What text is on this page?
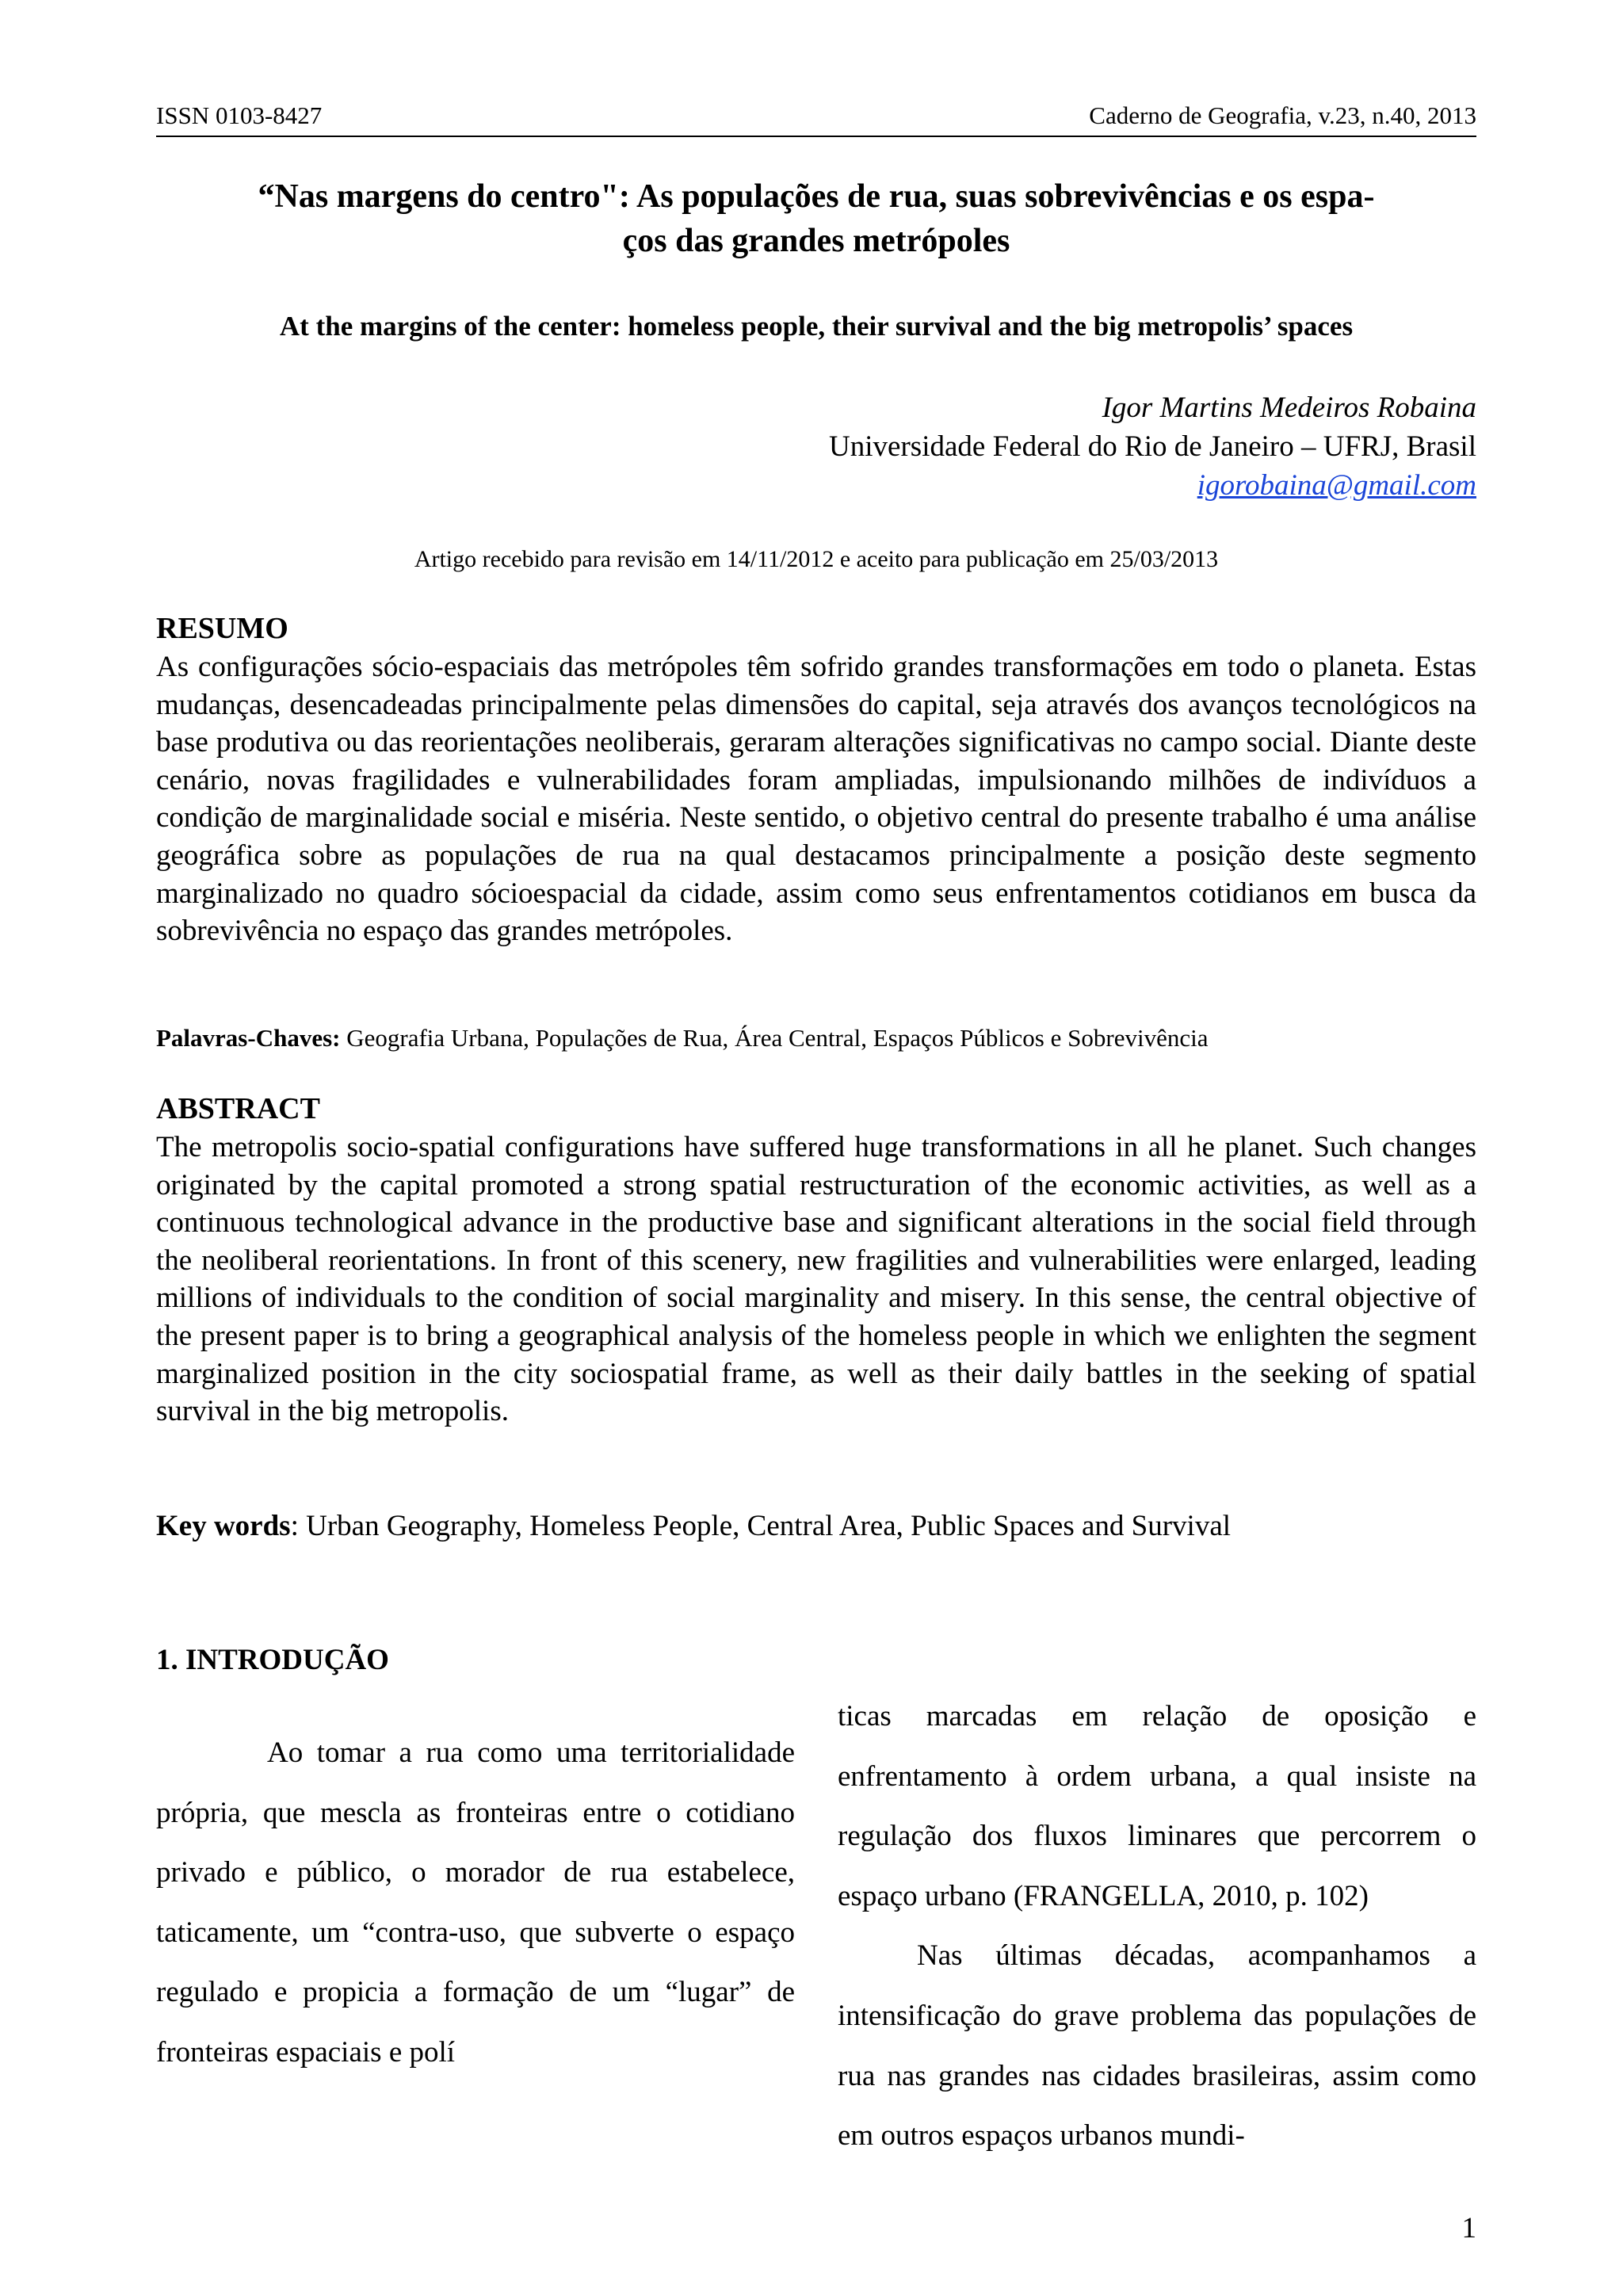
ISSN 0103-8427	Caderno de Geografia, v.23, n.40, 2013
“Nas margens do centro": As populações de rua, suas sobrevivências e os espa-
ços das grandes metrópoles
At the margins of the center: homeless people, their survival and the big metropolis’ spaces
Igor Martins Medeiros Robaina
Universidade Federal do Rio de Janeiro – UFRJ, Brasil
igorobaina@gmail.com
Artigo recebido para revisão em 14/11/2012 e aceito para publicação em 25/03/2013
RESUMO
As configurações sócio-espaciais das metrópoles têm sofrido grandes transformações em todo o planeta. Estas mudanças, desencadeadas principalmente pelas dimensões do capital, seja através dos avanços tecnológicos na base produtiva ou das reorientações neoliberais, geraram alterações significativas no campo social. Diante deste cenário, novas fragilidades e vulnerabilidades foram ampliadas, impulsionando milhões de indivíduos a condição de marginalidade social e miséria. Neste sentido, o objetivo central do presente trabalho é uma análise geográfica sobre as populações de rua na qual destacamos principalmente a posição deste segmento marginalizado no quadro sócioespacial da cidade, assim como seus enfrentamentos cotidianos em busca da sobrevivência no espaço das grandes metrópoles.
Palavras-Chaves: Geografia Urbana, Populações de Rua, Área Central, Espaços Públicos e Sobrevivência
ABSTRACT
The metropolis socio-spatial configurations have suffered huge transformations in all he planet. Such changes originated by the capital promoted a strong spatial restructuration of the economic activities, as well as a continuous technological advance in the productive base and significant alterations in the social field through the neoliberal reorientations. In front of this scenery, new fragilities and vulnerabilities were enlarged, leading millions of individuals to the condition of social marginality and misery. In this sense, the central objective of the present paper is to bring a geographical analysis of the homeless people in which we enlighten the segment marginalized position in the city sociospatial frame, as well as their daily battles in the seeking of spatial survival in the big metropolis.
Key words: Urban Geography, Homeless People, Central Area, Public Spaces and Survival
1. INTRODUÇÃO

Ao tomar a rua como uma territorialidade própria, que mescla as fronteiras entre o cotidiano privado e público, o morador de rua estabelece, taticamente, um “contra-uso, que subverte o espaço regulado e propicia a formação de um “lugar” de fronteiras espaciais e polí

ticas marcadas em relação de oposição e enfrentamento à ordem urbana, a qual insiste na regulação dos fluxos liminares que percorrem o espaço urbano (FRANGELLA, 2010, p. 102)

Nas últimas décadas, acompanhamos a intensificação do grave problema das populações de rua nas grandes nas cidades brasileiras, assim como em outros espaços urbanos mundi-

1
